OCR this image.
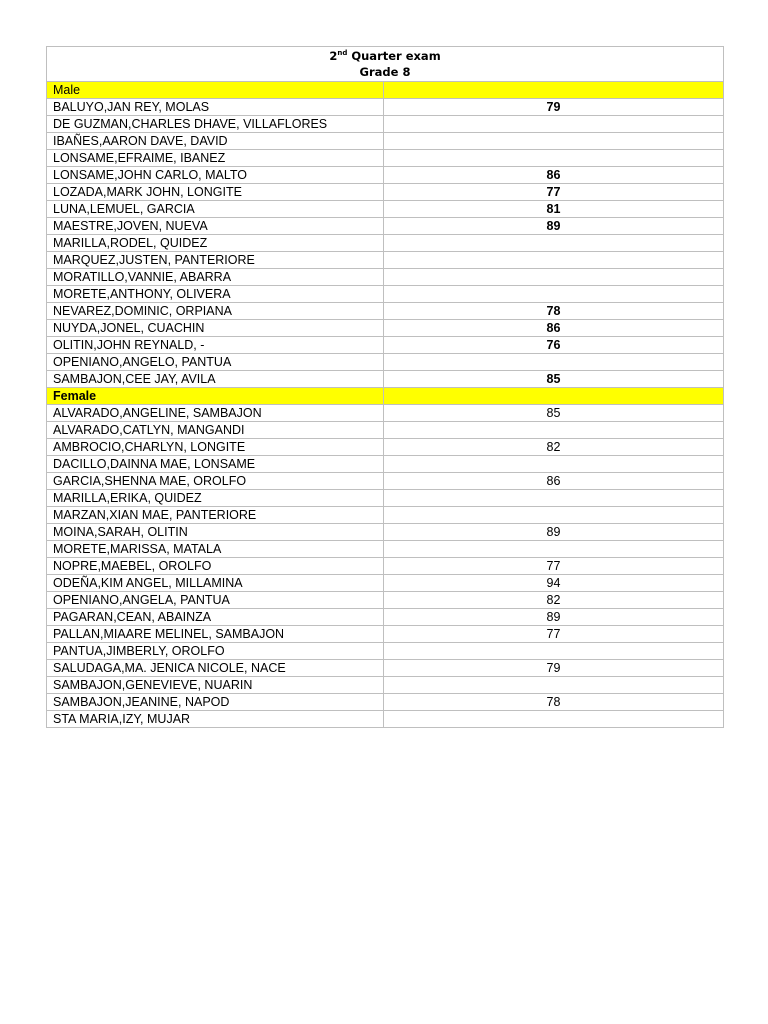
2nd Quarter exam
Grade 8	

Male	
BALUYO,JAN REY, MOLAS	79
DE GUZMAN,CHARLES DHAVE, VILLAFLORES	
IBAÑES,AARON DAVE, DAVID	
LONSAME,EFRAIME, IBANEZ	
LONSAME,JOHN CARLO, MALTO	86
LOZADA,MARK JOHN, LONGITE	77
LUNA,LEMUEL, GARCIA	81
MAESTRE,JOVEN, NUEVA	89
MARILLA,RODEL, QUIDEZ	
MARQUEZ,JUSTEN, PANTERIORE	
MORATILLO,VANNIE, ABARRA	
MORETE,ANTHONY, OLIVERA	
NEVAREZ,DOMINIC, ORPIANA	78
NUYDA,JONEL, CUACHIN	86
OLITIN,JOHN REYNALD, -	76
OPENIANO,ANGELO, PANTUA	
SAMBAJON,CEE JAY, AVILA	85
Female	
ALVARADO,ANGELINE, SAMBAJON	85
ALVARADO,CATLYN, MANGANDI	
AMBROCIO,CHARLYN, LONGITE	82
DACILLO,DAINNA MAE, LONSAME	
GARCIA,SHENNA MAE, OROLFO	86
MARILLA,ERIKA, QUIDEZ	
MARZAN,XIAN MAE, PANTERIORE	
MOINA,SARAH, OLITIN	89
MORETE,MARISSA, MATALA	
NOPRE,MAEBEL, OROLFO	77
ODEÑA,KIM ANGEL, MILLAMINA	94
OPENIANO,ANGELA, PANTUA	82
PAGARAN,CEAN, ABAINZA	89
PALLAN,MIAARE MELINEL, SAMBAJON	77
PANTUA,JIMBERLY, OROLFO	
SALUDAGA,MA. JENICA NICOLE, NACE	79
SAMBAJON,GENEVIEVE, NUARIN	
SAMBAJON,JEANINE, NAPOD	78
STA MARIA,IZY, MUJAR	
